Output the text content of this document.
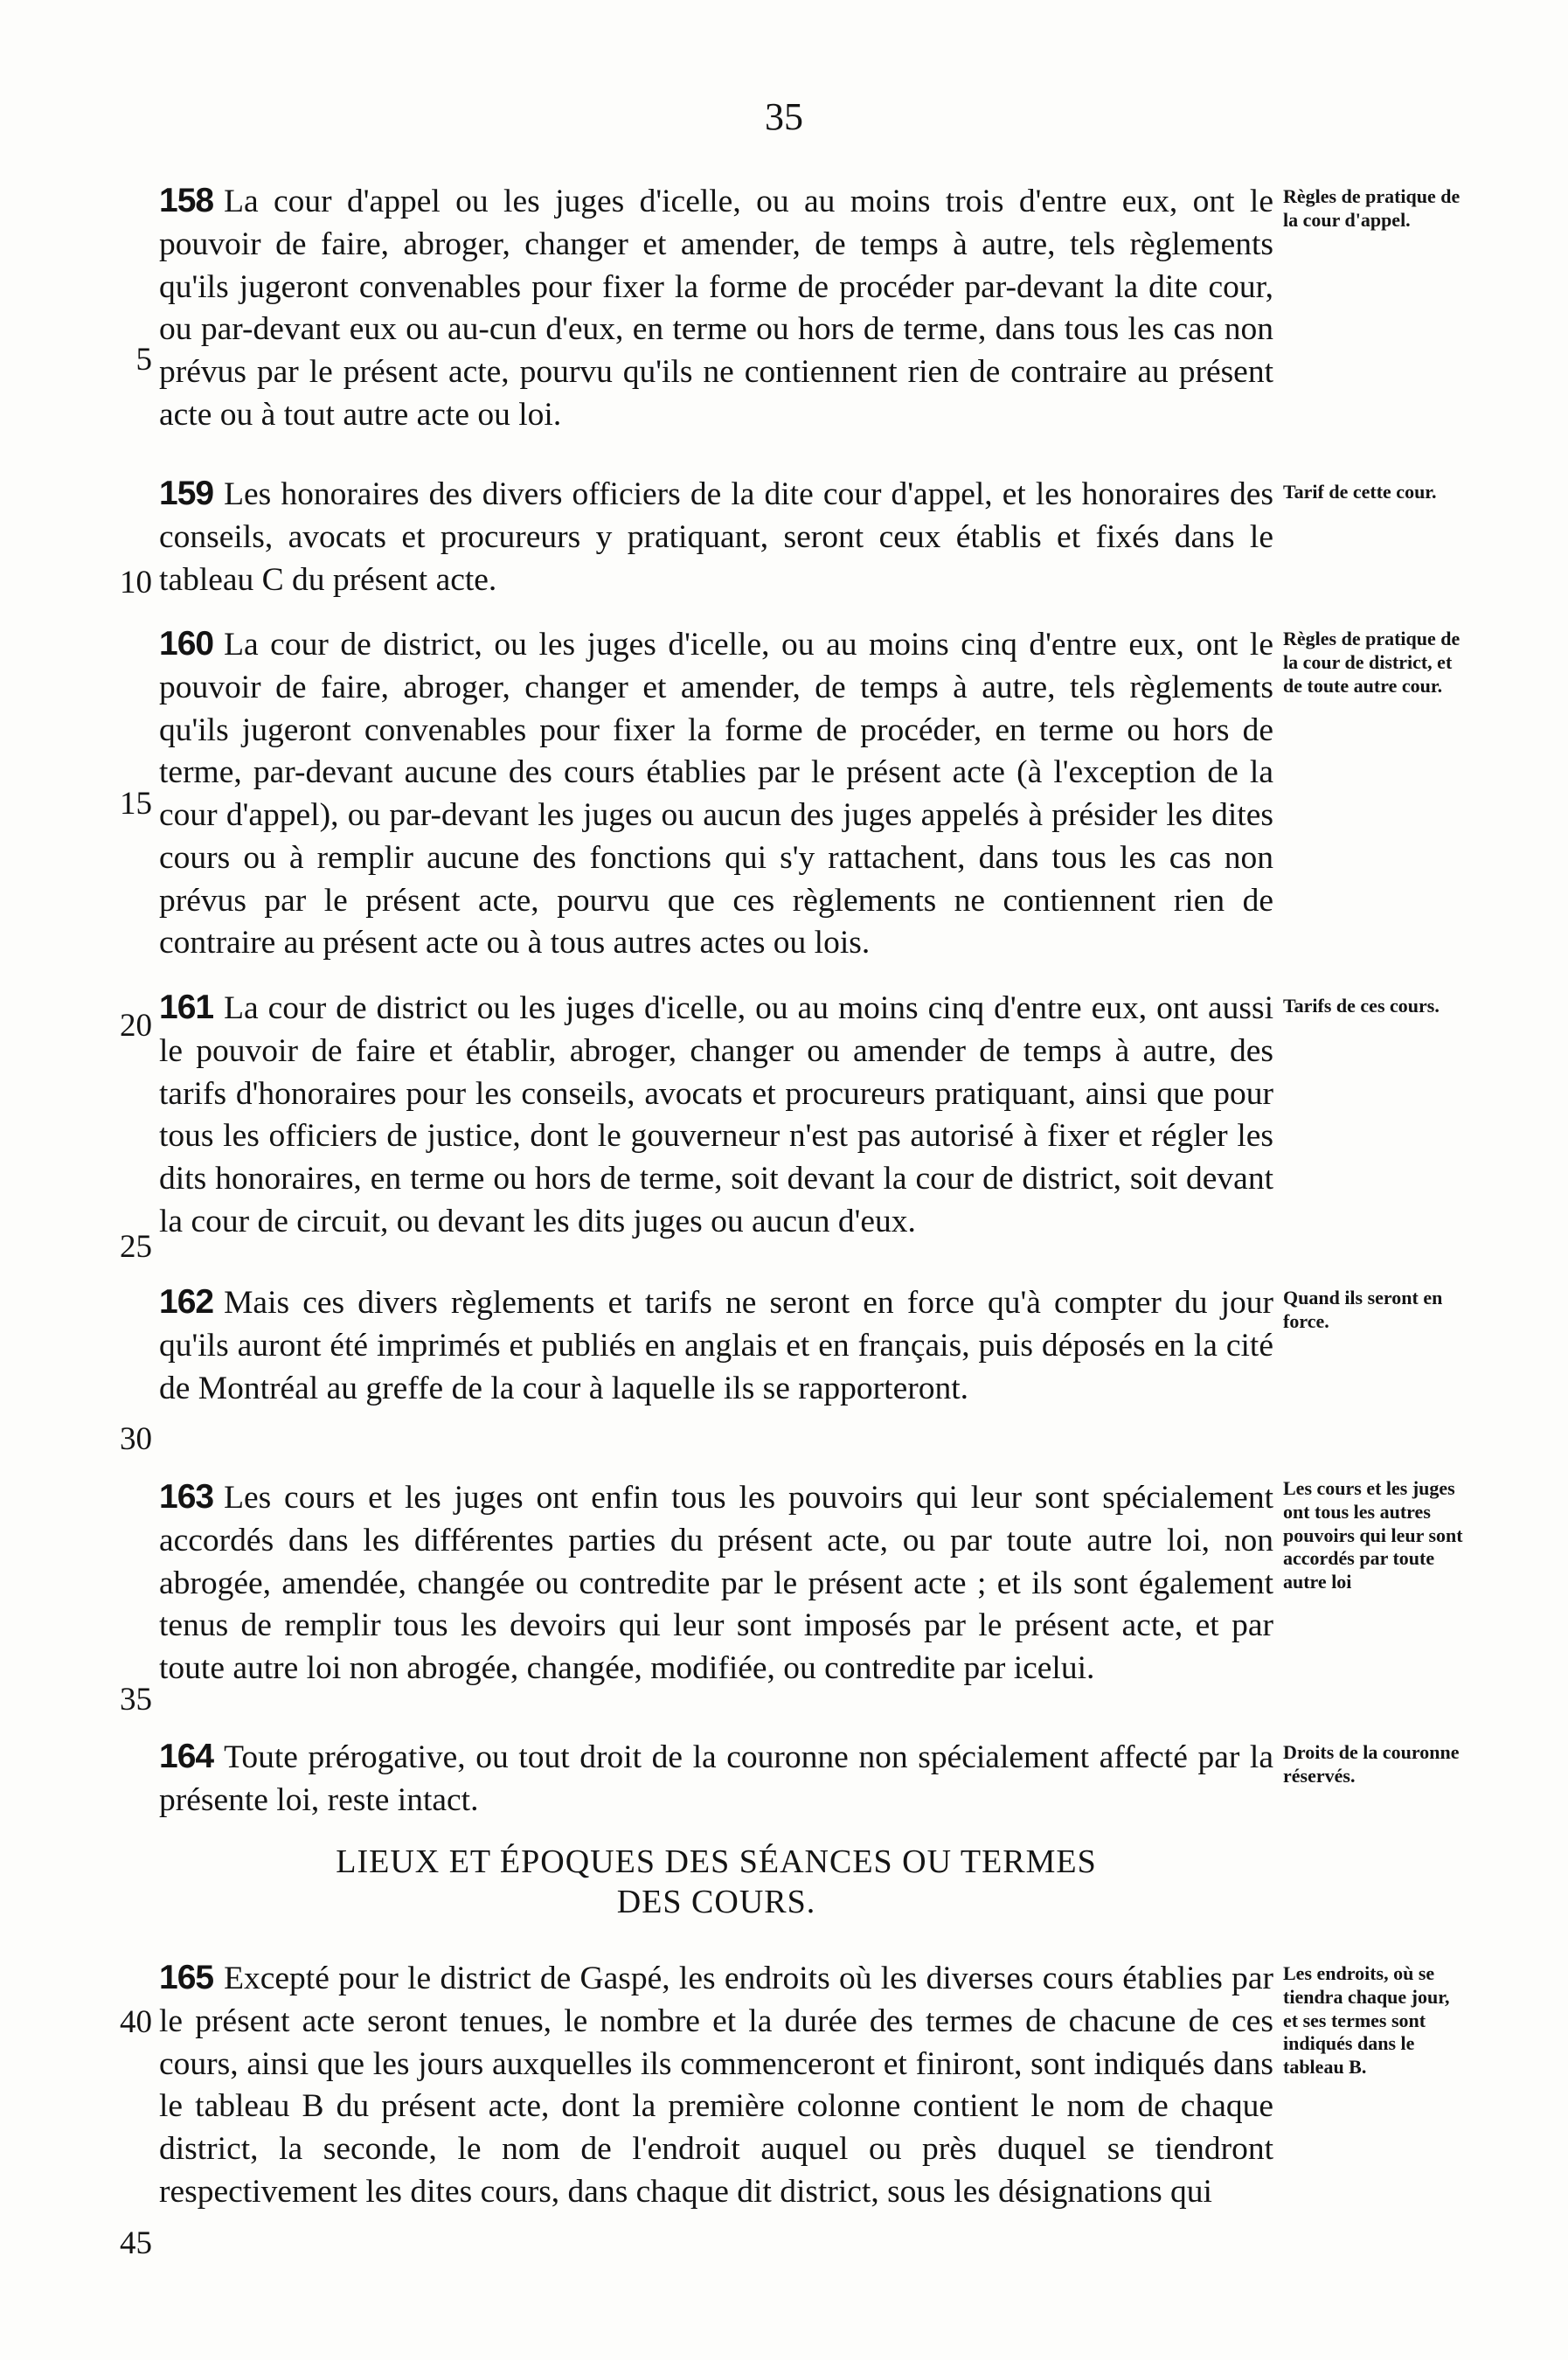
35

158 La cour d'appel ou les juges d'icelle, ou au moins trois d'entre eux, ont le pouvoir de faire, abroger, changer et amender, de temps à autre, tels règlements qu'ils jugeront convenables pour fixer la forme de procéder par-devant la dite cour, ou par-devant eux ou au-cun d'eux, en terme ou hors de terme, dans tous les cas non prévus par le présent acte, pourvu qu'ils ne contiennent rien de contraire au présent acte ou à tout autre acte ou loi.

Règles de pratique de la cour d'appel.

159 Les honoraires des divers officiers de la dite cour d'appel, et les honoraires des conseils, avocats et procureurs y pratiquant, seront ceux établis et fixés dans le tableau C du présent acte.

Tarif de cette cour.

160 La cour de district, ou les juges d'icelle, ou au moins cinq d'entre eux, ont le pouvoir de faire, abroger, changer et amender, de temps à autre, tels règlements qu'ils jugeront convenables pour fixer la forme de procéder, en terme ou hors de terme, par-devant aucune des cours établies par le présent acte (à l'exception de la cour d'appel), ou par-devant les juges ou aucun des juges appelés à présider les dites cours ou à remplir aucune des fonctions qui s'y rattachent, dans tous les cas non prévus par le présent acte, pourvu que ces règlements ne contiennent rien de contraire au présent acte ou à tous autres actes ou lois.

Règles de pratique de la cour de district, et de toute autre cour.

161 La cour de district ou les juges d'icelle, ou au moins cinq d'entre eux, ont aussi le pouvoir de faire et établir, abroger, changer ou amender de temps à autre, des tarifs d'honoraires pour les conseils, avocats et procureurs pratiquant, ainsi que pour tous les officiers de justice, dont le gouverneur n'est pas autorisé à fixer et régler les dits honoraires, en terme ou hors de terme, soit devant la cour de district, soit devant la cour de circuit, ou devant les dits juges ou aucun d'eux.

Tarifs de ces cours.

162 Mais ces divers règlements et tarifs ne seront en force qu'à compter du jour qu'ils auront été imprimés et publiés en anglais et en français, puis déposés en la cité de Montréal au greffe de la cour à laquelle ils se rapporteront.

Quand ils seront en force.

163 Les cours et les juges ont enfin tous les pouvoirs qui leur sont spécialement accordés dans les différentes parties du présent acte, ou par toute autre loi, non abrogée, amendée, changée ou contredite par le présent acte ; et ils sont également tenus de remplir tous les devoirs qui leur sont imposés par le présent acte, et par toute autre loi non abrogée, changée, modifiée, ou contredite par icelui.

Les cours et les juges ont tous les autres pouvoirs qui leur sont accordés par toute autre loi

164 Toute prérogative, ou tout droit de la couronne non spécialement affecté par la présente loi, reste intact.

Droits de la couronne réservés.
LIEUX ET ÉPOQUES DES SÉANCES OU TERMES DES COURS.

165 Excepté pour le district de Gaspé, les endroits où les diverses cours établies par le présent acte seront tenues, le nombre et la durée des termes de chacune de ces cours, ainsi que les jours auxquelles ils commenceront et finiront, sont indiqués dans le tableau B du présent acte, dont la première colonne contient le nom de chaque district, la seconde, le nom de l'endroit auquel ou près duquel se tiendront respectivement les dites cours, dans chaque dit district, sous les désignations qui

Les endroits, où se tiendra chaque jour, et ses termes sont indiqués dans le tableau B.
5
10
15
20
25
30
35
40
45
